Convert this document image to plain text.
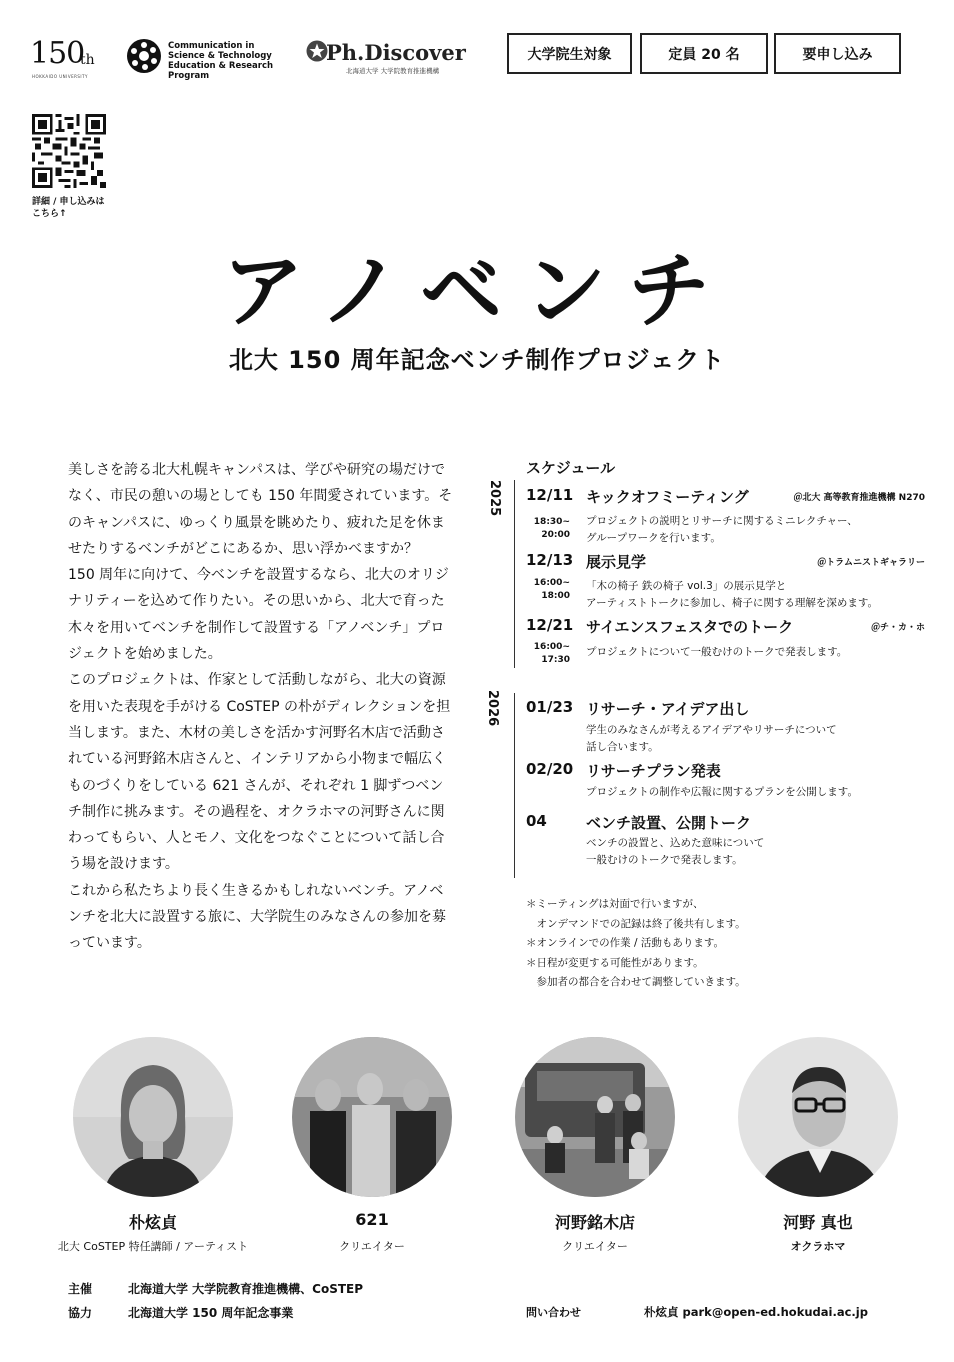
150
th
HOKKAIDO UNIVERSITY
Communication in
Science & Technology
Education & Research Program
Ph.Discover
北海道大学 大学院教育推進機構
大学院生対象	定員 20 名	要申し込み
詳細 / 申し込みは
こちら↑
アノベンチ
北大 150 周年記念ベンチ制作プロジェクト

美しさを誇る北大札幌キャンパスは、学びや研究の場だけでなく、市民の憩いの場としても 150 年間愛されています。そのキャンパスに、ゆっくり風景を眺めたり、疲れた足を休ませたりするベンチがどこにあるか、思い浮かべますか？

150 周年に向けて、今ベンチを設置するなら、北大のオリジナリティーを込めて作りたい。その思いから、北大で育った木々を用いてベンチを制作して設置する「アノベンチ」プロジェクトを始めました。

このプロジェクトは、作家として活動しながら、北大の資源を用いた表現を手がける CoSTEP の朴がディレクションを担当します。また、木材の美しさを活かす河野名木店で活動されている河野銘木店さんと、インテリアから小物まで幅広くものづくりをしている 621 さんが、それぞれ 1 脚ずつベンチ制作に挑みます。その過程を、オクラホマの河野さんに関わってもらい、人とモノ、文化をつなぐことについて話し合う場を設けます。

これから私たちより長く生きるかもしれないベンチ。アノベンチを北大に設置する旅に、大学院生のみなさんの参加を募っています。

スケジュール
2025
2026
12/11 キックオフミーティング	＠北大 高等教育推進機構 N270
18:30~
20:00
プロジェクトの説明とリサーチに関するミニレクチャー、
グループワークを行います。
12/13 展示見学	＠トラムニストギャラリー
16:00~
18:00
「木の椅子 鉄の椅子 vol.3」の展示見学と
アーティストトークに参加し、椅子に関する理解を深めます。
12/21 サイエンスフェスタでのトーク	＠チ・カ・ホ
16:00~
17:30
プロジェクトについて一般むけのトークで発表します。
01/23 リサーチ・アイデア出し
学生のみなさんが考えるアイデアやリサーチについて
話し合います。
02/20 リサーチプラン発表
プロジェクトの制作や広報に関するプランを公開します。
04	ベンチ設置、公開トーク
ベンチの設置と、込めた意味について
一般むけのトークで発表します。
＊ミーティングは対面で行いますが、
　オンデマンドでの記録は終了後共有します。
＊オンラインでの作業 / 活動もあります。
＊日程が変更する可能性があります。
　参加者の都合を合わせて調整していきます。
朴炫貞
北大 CoSTEP 特任講師 / アーティスト
621
クリエイター
河野銘木店
クリエイター
河野 真也
オクラホマ
主催	北海道大学 大学院教育推進機構、CoSTEP
協力	北海道大学 150 周年記念事業	問い合わせ	朴炫貞 park@open-ed.hokudai.ac.jp
